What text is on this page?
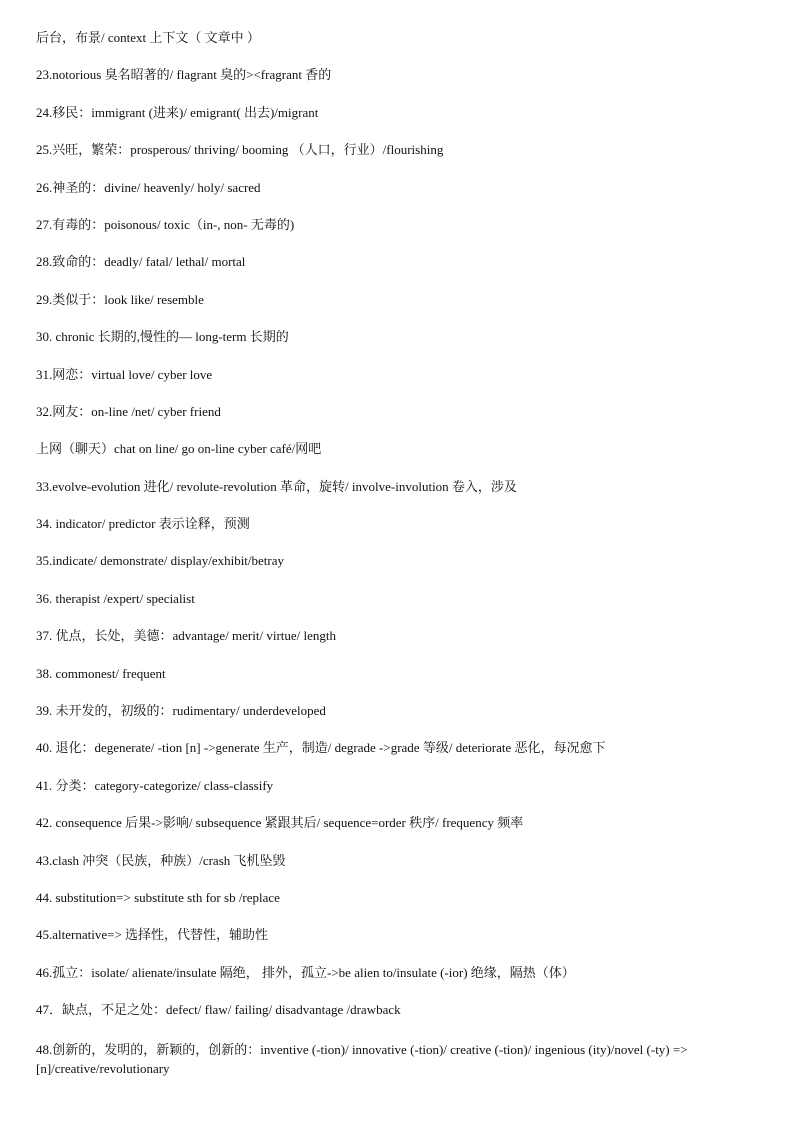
后台，布景/ context 上下文（ 文章中 ）
23.notorious 臭名昭著的/ flagrant 臭的><fragrant 香的
24.移民：immigrant (进来)/ emigrant( 出去)/migrant
25.兴旺，繁荣：prosperous/ thriving/ booming （人口，行业）/flourishing
26.神圣的：divine/ heavenly/ holy/ sacred
27.有毒的：poisonous/ toxic（in-, non- 无毒的)
28.致命的：deadly/ fatal/ lethal/ mortal
29.类似于：look like/ resemble
30. chronic 长期的,慢性的— long-term 长期的
31.网恋：virtual love/ cyber love
32.网友：on-line /net/ cyber friend
上网（聊天）chat on line/ go on-line cyber café/网吧
33.evolve-evolution 进化/ revolute-revolution 革命，旋转/ involve-involution 卷入，涉及
34. indicator/ predictor 表示诠释，预测
35.indicate/ demonstrate/ display/exhibit/betray
36. therapist /expert/ specialist
37. 优点，长处，美德：advantage/ merit/ virtue/ length
38. commonest/ frequent
39. 未开发的，初级的：rudimentary/ underdeveloped
40. 退化：degenerate/ -tion [n] ->generate 生产，制造/ degrade ->grade 等级/ deteriorate 恶化，每况愈下
41. 分类：category-categorize/ class-classify
42. consequence 后果->影响/ subsequence 紧跟其后/ sequence=order 秩序/ frequency 频率
43.clash 冲突（民族，种族）/crash 飞机坠毁
44. substitution=> substitute sth for sb /replace
45.alternative=> 选择性，代替性，辅助性
46.孤立：isolate/ alienate/insulate 隔绝， 排外，孤立->be alien to/insulate (-ior) 绝缘，隔热（体）
47．缺点，不足之处：defect/ flaw/ failing/ disadvantage /drawback
48.创新的，发明的，新颖的，创新的：inventive (-tion)/ innovative (-tion)/ creative (-tion)/ ingenious (ity)/novel (-ty) =>[n]/creative/revolutionary
